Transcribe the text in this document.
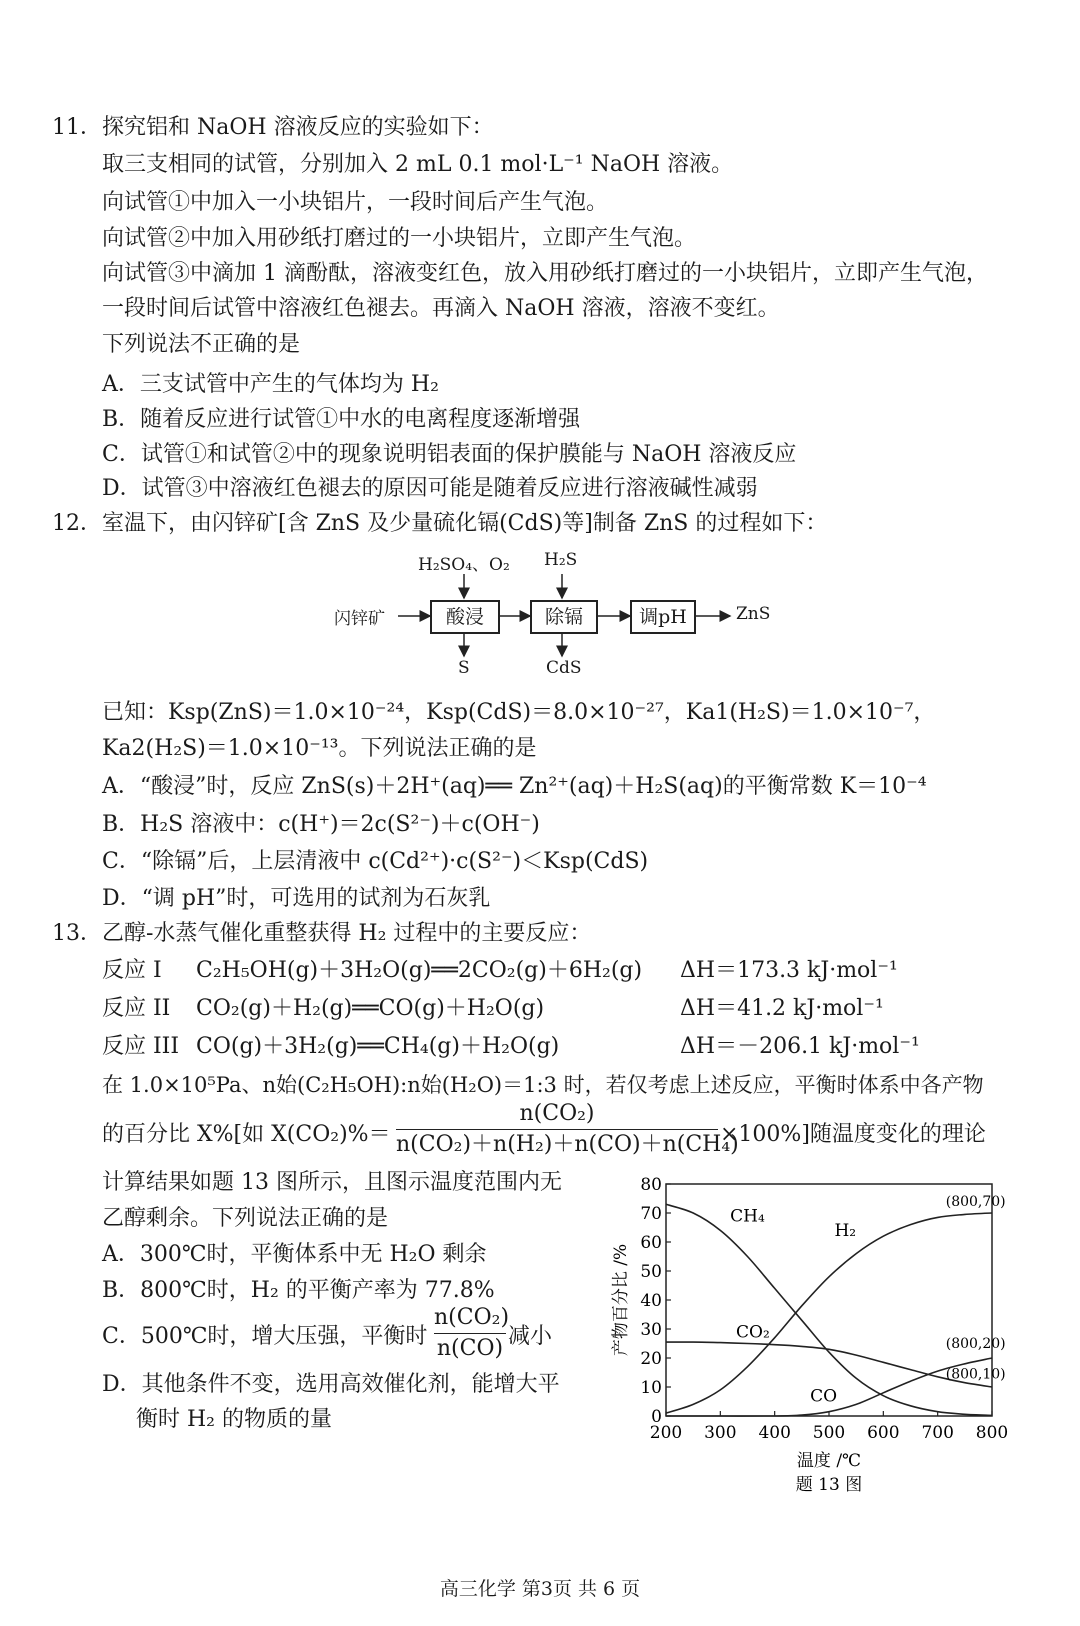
11．探究铝和 NaOH 溶液反应的实验如下：
取三支相同的试管，分别加入 2 mL 0.1 mol·L⁻¹ NaOH 溶液。
向试管①中加入一小块铝片，一段时间后产生气泡。
向试管②中加入用砂纸打磨过的一小块铝片，立即产生气泡。
向试管③中滴加 1 滴酚酞，溶液变红色，放入用砂纸打磨过的一小块铝片，立即产生气泡，
一段时间后试管中溶液红色褪去。再滴入 NaOH 溶液，溶液不变红。
下列说法不正确的是
A．三支试管中产生的气体均为 H₂
B．随着反应进行试管①中水的电离程度逐渐增强
C．试管①和试管②中的现象说明铝表面的保护膜能与 NaOH 溶液反应
D．试管③中溶液红色褪去的原因可能是随着反应进行溶液碱性减弱
12．室温下，由闪锌矿[含 ZnS 及少量硫化镉(CdS)等]制备 ZnS 的过程如下：
闪锌矿	酸浸	除镉	调pH	ZnS
H₂SO₄、O₂ H₂S
S	CdS
已知：Ksp(ZnS)＝1.0×10⁻²⁴，Ksp(CdS)＝8.0×10⁻²⁷，Ka1(H₂S)＝1.0×10⁻⁷，
Ka2(H₂S)＝1.0×10⁻¹³。下列说法正确的是
A．“酸浸”时，反应 ZnS(s)＋2H⁺(aq)══ Zn²⁺(aq)＋H₂S(aq)的平衡常数 K＝10⁻⁴
B．H₂S 溶液中：c(H⁺)＝2c(S²⁻)＋c(OH⁻)
C．“除镉”后，上层清液中 c(Cd²⁺)·c(S²⁻)＜Ksp(CdS)
D．“调 pH”时，可选用的试剂为石灰乳
13．乙醇-水蒸气催化重整获得 H₂ 过程中的主要反应：
反应 I C₂H₅OH(g)＋3H₂O(g)══2CO₂(g)＋6H₂(g) ΔH＝173.3 kJ·mol⁻¹
反应 II CO₂(g)＋H₂(g)══CO(g)＋H₂O(g)	ΔH＝41.2 kJ·mol⁻¹
反应 III CO(g)＋3H₂(g)══CH₄(g)＋H₂O(g)	ΔH＝－206.1 kJ·mol⁻¹
在 1.0×10⁵Pa、n始(C₂H₅OH):n始(H₂O)＝1:3 时，若仅考虑上述反应，平衡时体系中各产物
的百分比 X%[如 X(CO₂)%＝
n(CO₂)
n(CO₂)＋n(H₂)＋n(CO)＋n(CH₄)
×100%]随温度变化的理论
计算结果如题 13 图所示，且图示温度范围内无
乙醇剩余。下列说法正确的是
A．300℃时，平衡体系中无 H₂O 剩余
B．800℃时，H₂ 的平衡产率为 77.8%
C．500℃时，增大压强，平衡时
n(CO₂)
n(CO) 减小
D．其他条件不变，选用高效催化剂，能增大平
衡时 H₂ 的物质的量	0
10
20
30
40
50
60
70
80
200 300 400 500 600 700 800
温度 /℃
题 13 图
产物百分比 /%
CH₄
H₂
CO₂
CO
(800,70)
(800,20)
(800,10)
高三化学 第3页 共 6 页
